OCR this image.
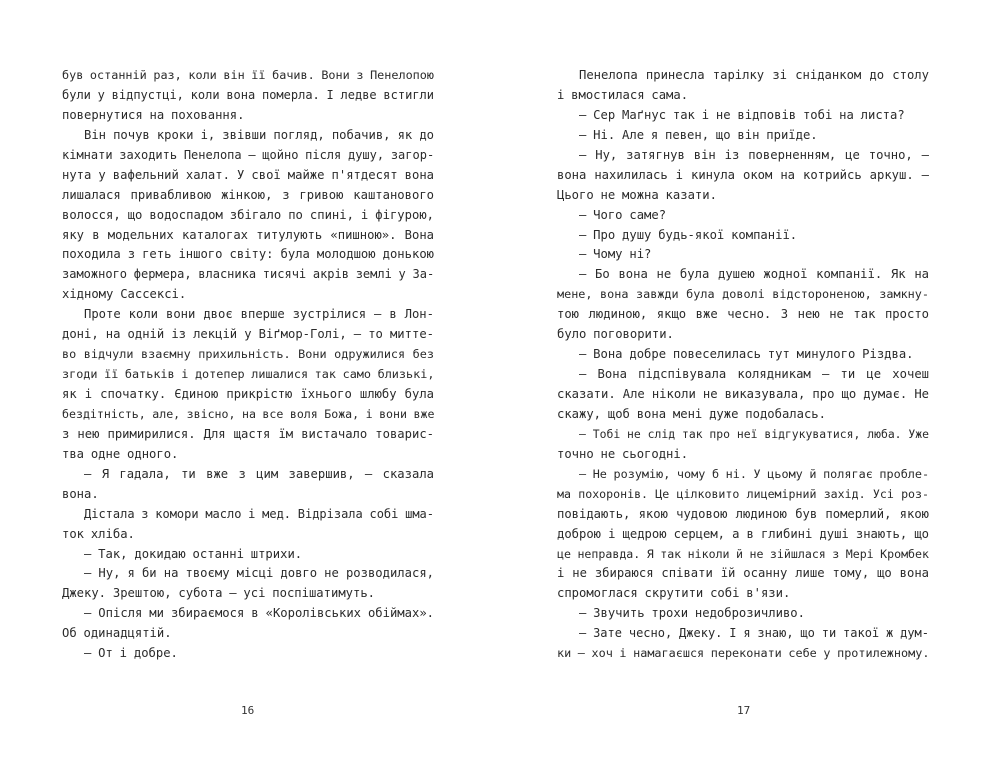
був останній раз, коли він її бачив. Вони з Пенелопою
були у відпустці, коли вона померла. І ледве встигли
повернутися на поховання.
Він почув кроки і, звівши погляд, побачив, як до
кімнати заходить Пенелопа — щойно після душу, загор-
нута у вафельний халат. У свої майже п'ятдесят вона
лишалася привабливою жінкою, з гривою каштанового
волосся, що водоспадом збігало по спині, і фігурою,
яку в модельних каталогах титулують «пишною». Вона
походила з геть іншого світу: була молодшою донькою
заможного фермера, власника тисячі акрів землі у За-
хідному Сассексі.
Проте коли вони двоє вперше зустрілися — в Лон-
доні, на одній із лекцій у Віґмор-Голі, — то митте-
во відчули взаємну прихильність. Вони одружилися без
згоди її батьків і дотепер лишалися так само близькі,
як і спочатку. Єдиною прикрістю їхнього шлюбу була
бездітність, але, звісно, на все воля Божа, і вони вже
з нею примирилися. Для щастя їм вистачало товарис-
тва одне одного.
— Я гадала, ти вже з цим завершив, — сказала
вона.
Дістала з комори масло і мед. Відрізала собі шма-
ток хліба.
— Так, докидаю останні штрихи.
— Ну, я би на твоєму місці довго не розводилася,
Джеку. Зрештою, субота — усі поспішатимуть.
— Опісля ми збираємося в «Королівських обіймах».
Об одинадцятій.
— От і добре.
Пенелопа принесла тарілку зі сніданком до столу
і вмостилася сама.
— Сер Маґнус так і не відповів тобі на листа?
— Ні. Але я певен, що він приїде.
— Ну, затягнув він із поверненням, це точно, —
вона нахилилась і кинула оком на котрийсь аркуш. —
Цього не можна казати.
— Чого саме?
— Про душу будь-якої компанії.
— Чому ні?
— Бо вона не була душею жодної компанії. Як на
мене, вона завжди була доволі відстороненою, замкну-
тою людиною, якщо вже чесно. З нею не так просто
було поговорити.
— Вона добре повеселилась тут минулого Різдва.
— Вона підспівувала колядникам — ти це хочеш
сказати. Але ніколи не виказувала, про що думає. Не
скажу, щоб вона мені дуже подобалась.
— Тобі не слід так про неї відгукуватися, люба. Уже
точно не сьогодні.
— Не розумію, чому б ні. У цьому й полягає пробле-
ма похоронів. Це цілковито лицемірний захід. Усі роз-
повідають, якою чудовою людиною був померлий, якою
доброю і щедрою серцем, а в глибині душі знають, що
це неправда. Я так ніколи й не зійшлася з Мері Кромбек
і не збираюся співати їй осанну лише тому, що вона
спромоглася скрутити собі в'язи.
— Звучить трохи недоброзичливо.
— Зате чесно, Джеку. І я знаю, що ти такої ж дум-
ки — хоч і намагаєшся переконати себе у протилежному.
16	17
